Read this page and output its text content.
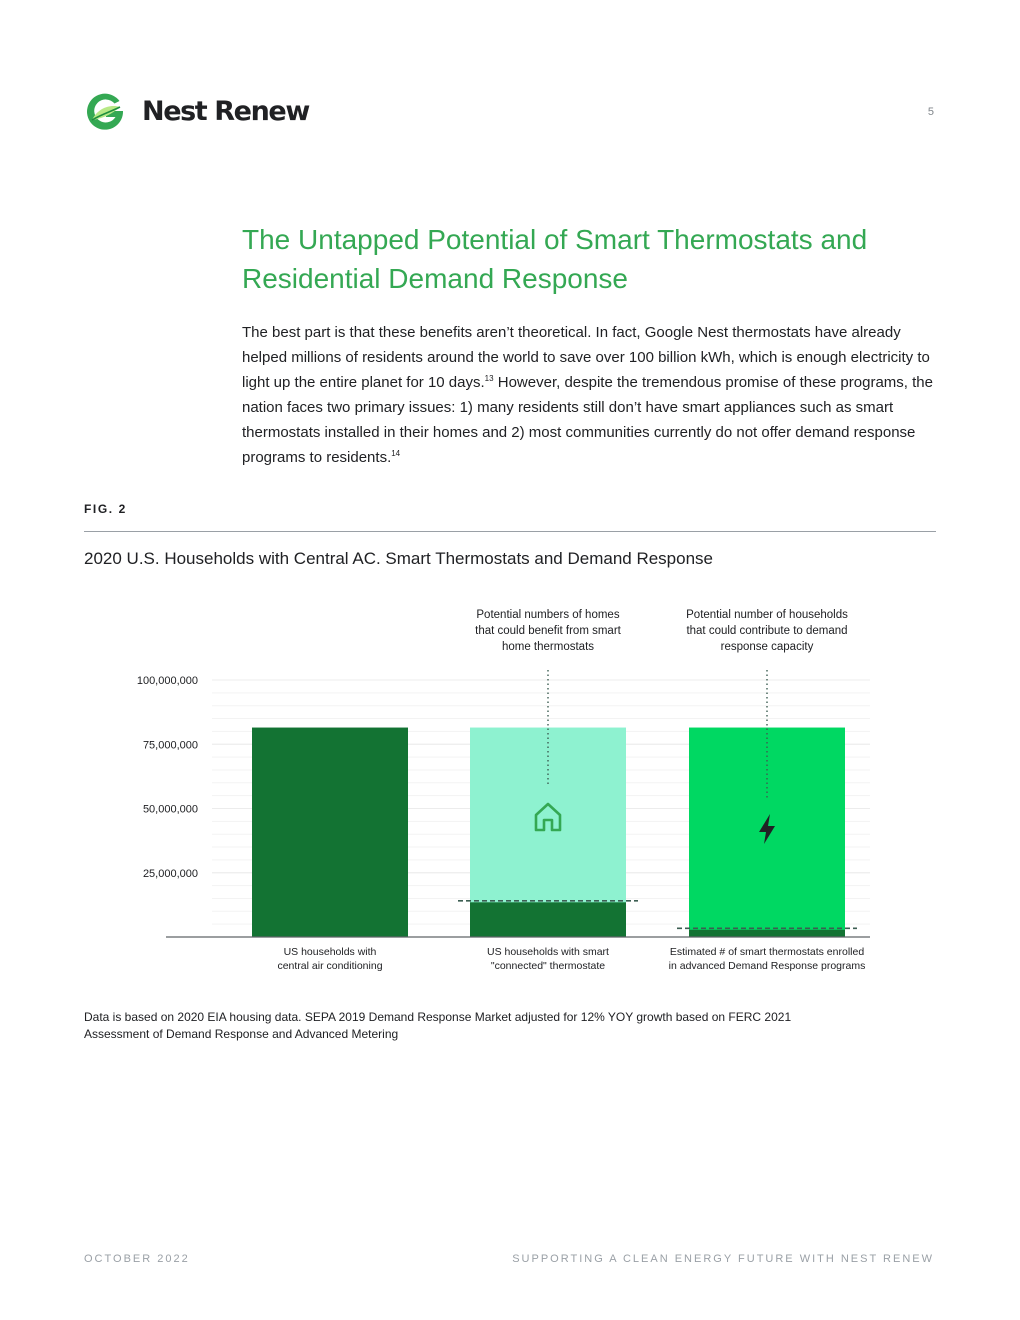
Nest Renew	5
The Untapped Potential of Smart Thermostats and Residential Demand Response

The best part is that these benefits aren’t theoretical. In fact, Google Nest thermostats have already helped millions of residents around the world to save over 100 billion kWh, which is enough electricity to light up the entire planet for 10 days.$^{13}$ However, despite the tremendous promise of these programs, the nation faces two primary issues: 1) many residents still don’t have smart appliances such as smart thermostats installed in their homes and 2) most communities currently do not offer demand response programs to residents.$^{14}$

FIG. 2
2020 U.S. Households with Central AC. Smart Thermostats and Demand Response
25,000,000
50,000,000
75,000,000
100,000,000
US households with
central air conditioning
US households with smart
"connected" thermostate
Estimated # of smart thermostats enrolled
in advanced Demand Response programs
Potential numbers of homes
that could benefit from smart
home thermostats
Potential number of households
that could contribute to demand
response capacity
Data is based on 2020 EIA housing data. SEPA 2019 Demand Response Market adjusted for 12% YOY growth based on FERC 2021 Assessment of Demand Response and Advanced Metering
OCTOBER 2022	SUPPORTING A CLEAN ENERGY FUTURE WITH NEST RENEW
